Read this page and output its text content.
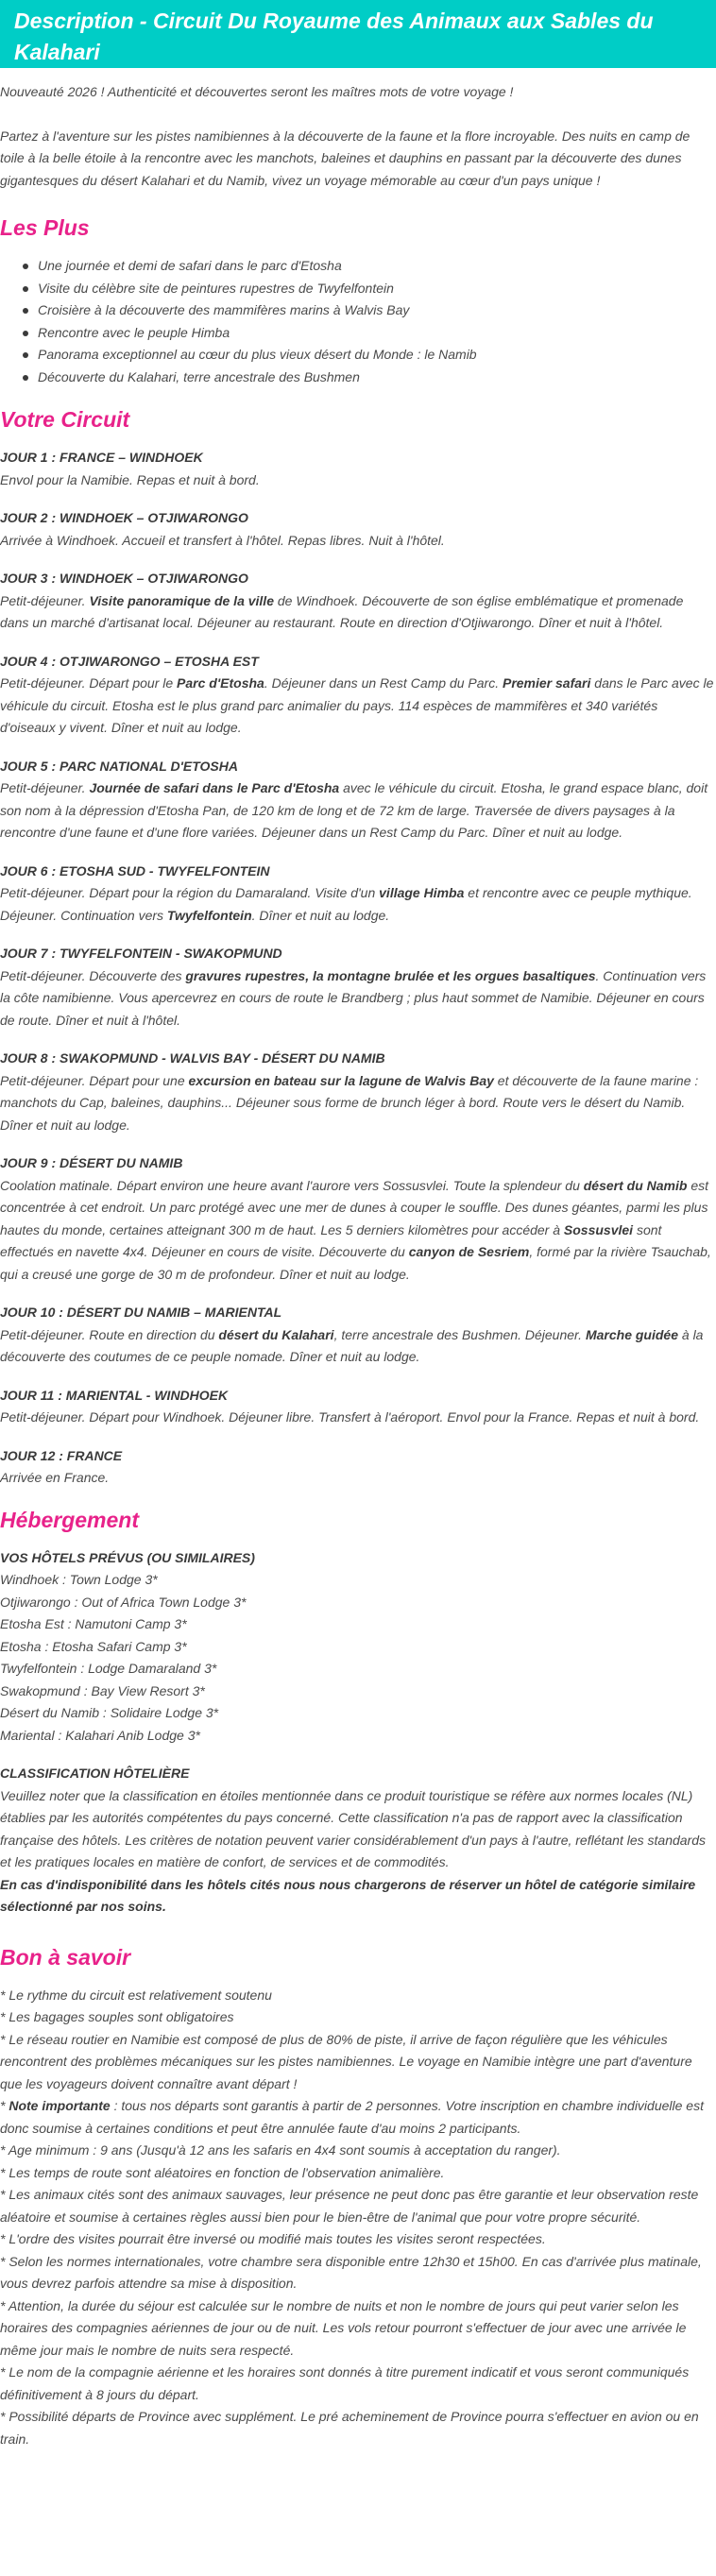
Description - Circuit Du Royaume des Animaux aux Sables du Kalahari

Nouveauté 2026 ! Authenticité et découvertes seront les maîtres mots de votre voyage !

Partez à l'aventure sur les pistes namibiennes à la découverte de la faune et la flore incroyable. Des nuits en camp de toile à la belle étoile à la rencontre avec les manchots, baleines et dauphins en passant par la découverte des dunes gigantesques du désert Kalahari et du Namib, vivez un voyage mémorable au cœur d'un pays unique !

Les Plus
Une journée et demi de safari dans le parc d'Etosha
Visite du célèbre site de peintures rupestres de Twyfelfontein
Croisière à la découverte des mammifères marins à Walvis Bay
Rencontre avec le peuple Himba
Panorama exceptionnel au cœur du plus vieux désert du Monde : le Namib
Découverte du Kalahari, terre ancestrale des Bushmen
Votre Circuit
JOUR 1 : FRANCE – WINDHOEK

Envol pour la Namibie. Repas et nuit à bord.

JOUR 2 : WINDHOEK – OTJIWARONGO

Arrivée à Windhoek. Accueil et transfert à l'hôtel. Repas libres. Nuit à l'hôtel.

JOUR 3 : WINDHOEK – OTJIWARONGO

Petit-déjeuner. Visite panoramique de la ville de Windhoek. Découverte de son église emblématique et promenade dans un marché d'artisanat local. Déjeuner au restaurant. Route en direction d'Otjiwarongo. Dîner et nuit à l'hôtel.

JOUR 4 : OTJIWARONGO – ETOSHA EST

Petit-déjeuner. Départ pour le Parc d'Etosha. Déjeuner dans un Rest Camp du Parc. Premier safari dans le Parc avec le véhicule du circuit. Etosha est le plus grand parc animalier du pays. 114 espèces de mammifères et 340 variétés d'oiseaux y vivent. Dîner et nuit au lodge.

JOUR 5 : PARC NATIONAL D'ETOSHA

Petit-déjeuner. Journée de safari dans le Parc d'Etosha avec le véhicule du circuit. Etosha, le grand espace blanc, doit son nom à la dépression d'Etosha Pan, de 120 km de long et de 72 km de large. Traversée de divers paysages à la rencontre d'une faune et d'une flore variées. Déjeuner dans un Rest Camp du Parc. Dîner et nuit au lodge.

JOUR 6 : ETOSHA SUD - TWYFELFONTEIN

Petit-déjeuner. Départ pour la région du Damaraland. Visite d'un village Himba et rencontre avec ce peuple mythique. Déjeuner. Continuation vers Twyfelfontein. Dîner et nuit au lodge.

JOUR 7 : TWYFELFONTEIN - SWAKOPMUND

Petit-déjeuner. Découverte des gravures rupestres, la montagne brulée et les orgues basaltiques. Continuation vers la côte namibienne. Vous apercevrez en cours de route le Brandberg ; plus haut sommet de Namibie. Déjeuner en cours de route. Dîner et nuit à l'hôtel.

JOUR 8 : SWAKOPMUND - WALVIS BAY - DÉSERT DU NAMIB

Petit-déjeuner. Départ pour une excursion en bateau sur la lagune de Walvis Bay et découverte de la faune marine : manchots du Cap, baleines, dauphins... Déjeuner sous forme de brunch léger à bord. Route vers le désert du Namib. Dîner et nuit au lodge.

JOUR 9 : DÉSERT DU NAMIB

Coolation matinale. Départ environ une heure avant l'aurore vers Sossusvlei. Toute la splendeur du désert du Namib est concentrée à cet endroit. Un parc protégé avec une mer de dunes à couper le souffle. Des dunes géantes, parmi les plus hautes du monde, certaines atteignant 300 m de haut. Les 5 derniers kilomètres pour accéder à Sossusvlei sont effectués en navette 4x4. Déjeuner en cours de visite. Découverte du canyon de Sesriem, formé par la rivière Tsauchab, qui a creusé une gorge de 30 m de profondeur. Dîner et nuit au lodge.

JOUR 10 : DÉSERT DU NAMIB – MARIENTAL

Petit-déjeuner. Route en direction du désert du Kalahari, terre ancestrale des Bushmen. Déjeuner. Marche guidée à la découverte des coutumes de ce peuple nomade. Dîner et nuit au lodge.

JOUR 11 : MARIENTAL - WINDHOEK

Petit-déjeuner. Départ pour Windhoek. Déjeuner libre. Transfert à l'aéroport. Envol pour la France. Repas et nuit à bord.

JOUR 12 : FRANCE

Arrivée en France.

Hébergement
VOS HÔTELS PRÉVUS (OU SIMILAIRES)
Windhoek : Town Lodge 3*
Otjiwarongo : Out of Africa Town Lodge 3*
Etosha Est : Namutoni Camp 3*
Etosha : Etosha Safari Camp 3*
Twyfelfontein : Lodge Damaraland 3*
Swakopmund : Bay View Resort 3*
Désert du Namib : Solidaire Lodge 3*
Mariental : Kalahari Anib Lodge 3*
CLASSIFICATION HÔTELIÈRE

Veuillez noter que la classification en étoiles mentionnée dans ce produit touristique se réfère aux normes locales (NL) établies par les autorités compétentes du pays concerné. Cette classification n'a pas de rapport avec la classification française des hôtels. Les critères de notation peuvent varier considérablement d'un pays à l'autre, reflétant les standards et les pratiques locales en matière de confort, de services et de commodités.

En cas d'indisponibilité dans les hôtels cités nous nous chargerons de réserver un hôtel de catégorie similaire sélectionné par nos soins.

Bon à savoir

* Le rythme du circuit est relativement soutenu

* Les bagages souples sont obligatoires

* Le réseau routier en Namibie est composé de plus de 80% de piste, il arrive de façon régulière que les véhicules rencontrent des problèmes mécaniques sur les pistes namibiennes. Le voyage en Namibie intègre une part d'aventure que les voyageurs doivent connaître avant départ !

* Note importante : tous nos départs sont garantis à partir de 2 personnes. Votre inscription en chambre individuelle est donc soumise à certaines conditions et peut être annulée faute d'au moins 2 participants.

* Age minimum : 9 ans (Jusqu'à 12 ans les safaris en 4x4 sont soumis à acceptation du ranger).

* Les temps de route sont aléatoires en fonction de l'observation animalière.

* Les animaux cités sont des animaux sauvages, leur présence ne peut donc pas être garantie et leur observation reste aléatoire et soumise à certaines règles aussi bien pour le bien-être de l'animal que pour votre propre sécurité.

* L'ordre des visites pourrait être inversé ou modifié mais toutes les visites seront respectées.

* Selon les normes internationales, votre chambre sera disponible entre 12h30 et 15h00. En cas d'arrivée plus matinale, vous devrez parfois attendre sa mise à disposition.

* Attention, la durée du séjour est calculée sur le nombre de nuits et non le nombre de jours qui peut varier selon les horaires des compagnies aériennes de jour ou de nuit. Les vols retour pourront s'effectuer de jour avec une arrivée le même jour mais le nombre de nuits sera respecté.

* Le nom de la compagnie aérienne et les horaires sont donnés à titre purement indicatif et vous seront communiqués définitivement à 8 jours du départ.

* Possibilité départs de Province avec supplément. Le pré acheminement de Province pourra s'effectuer en avion ou en train.
